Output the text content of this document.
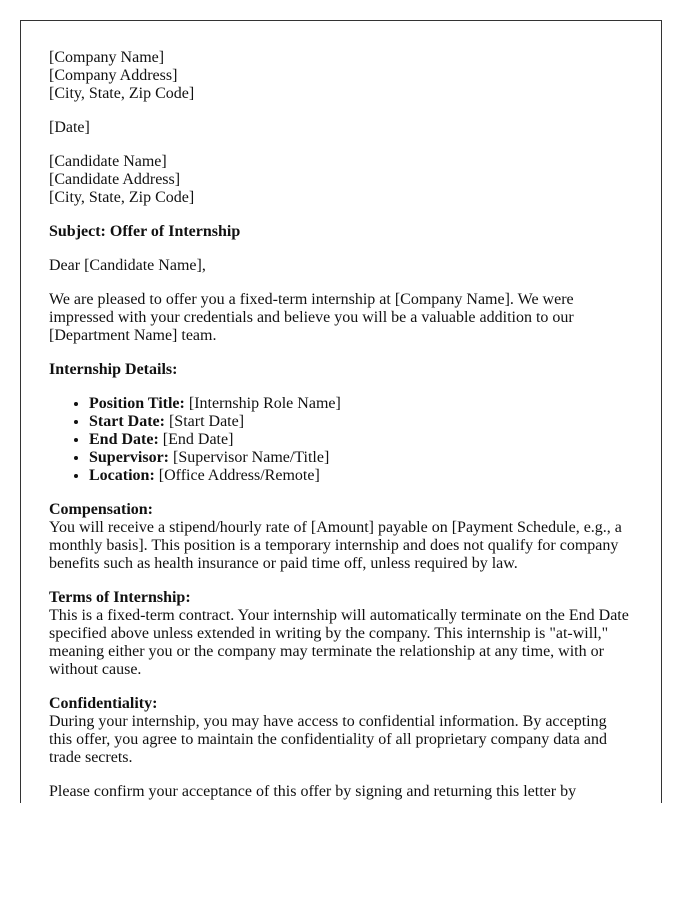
[Company Name]
[Company Address]
[City, State, Zip Code]

[Date]

[Candidate Name]
[Candidate Address]
[City, State, Zip Code]

Subject: Offer of Internship

Dear [Candidate Name],

We are pleased to offer you a fixed-term internship at [Company Name]. We were impressed with your credentials and believe you will be a valuable addition to our [Department Name] team.

Internship Details:

• Position Title: [Internship Role Name]
• Start Date: [Start Date]
• End Date: [End Date]
• Supervisor: [Supervisor Name/Title]
• Location: [Office Address/Remote]

Compensation:
You will receive a stipend/hourly rate of [Amount] payable on [Payment Schedule, e.g., a monthly basis]. This position is a temporary internship and does not qualify for company benefits such as health insurance or paid time off, unless required by law.

Terms of Internship:
This is a fixed-term contract. Your internship will automatically terminate on the End Date specified above unless extended in writing by the company. This internship is "at-will," meaning either you or the company may terminate the relationship at any time, with or without cause.

Confidentiality:
During your internship, you may have access to confidential information. By accepting this offer, you agree to maintain the confidentiality of all proprietary company data and trade secrets.

Please confirm your acceptance of this offer by signing and returning this letter by
